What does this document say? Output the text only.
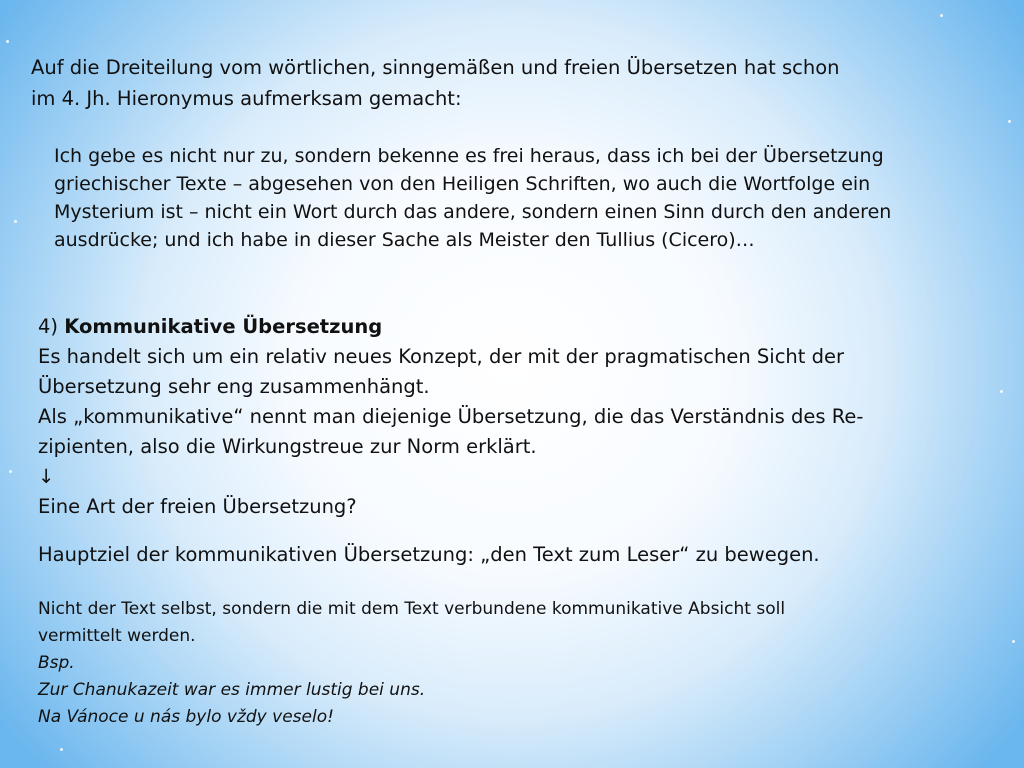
Auf die Dreiteilung vom wörtlichen, sinngemäßen und freien Übersetzen hat schon
im 4. Jh. Hieronymus aufmerksam gemacht:
Ich gebe es nicht nur zu, sondern bekenne es frei heraus, dass ich bei der Übersetzung
griechischer Texte – abgesehen von den Heiligen Schriften, wo auch die Wortfolge ein
Mysterium ist – nicht ein Wort durch das andere, sondern einen Sinn durch den anderen
ausdrücke; und ich habe in dieser Sache als Meister den Tullius (Cicero)…
4) Kommunikative Übersetzung
Es handelt sich um ein relativ neues Konzept, der mit der pragmatischen Sicht der
Übersetzung sehr eng zusammenhängt.
Als „kommunikative“ nennt man diejenige Übersetzung, die das Verständnis des Re-
zipienten, also die Wirkungstreue zur Norm erklärt.
↓
Eine Art der freien Übersetzung?
Hauptziel der kommunikativen Übersetzung: „den Text zum Leser“ zu bewegen.
Nicht der Text selbst, sondern die mit dem Text verbundene kommunikative Absicht soll
vermittelt werden.
Bsp.
Zur Chanukazeit war es immer lustig bei uns.
Na Vánoce u nás bylo vždy veselo!
